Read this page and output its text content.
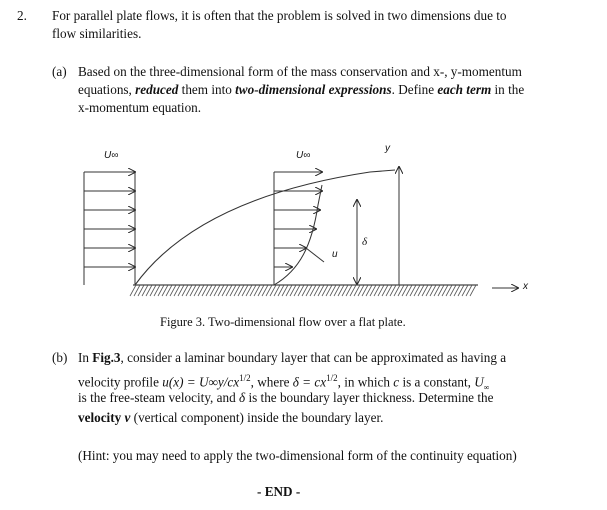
2. For parallel plate flows, it is often that the problem is solved in two dimensions due to
flow similarities.
(a) Based on the three-dimensional form of the mass conservation and x-, y-momentum
equations, reduced them into two-dimensional expressions. Define each term in the
x-momentum equation.
U∞	U∞
y
x
u
δ
Figure 3. Two-dimensional flow over a flat plate.
(b) In Fig.3, consider a laminar boundary layer that can be approximated as having a
velocity profile $u(x) = U\infty y/cx^{1/2}$, where $\delta = cx^{1/2}$, in which c is a constant, $U_\infty$
is the free-steam velocity, and δ is the boundary layer thickness. Determine the
velocity v (vertical component) inside the boundary layer.
(Hint: you may need to apply the two-dimensional form of the continuity equation)
- END -
